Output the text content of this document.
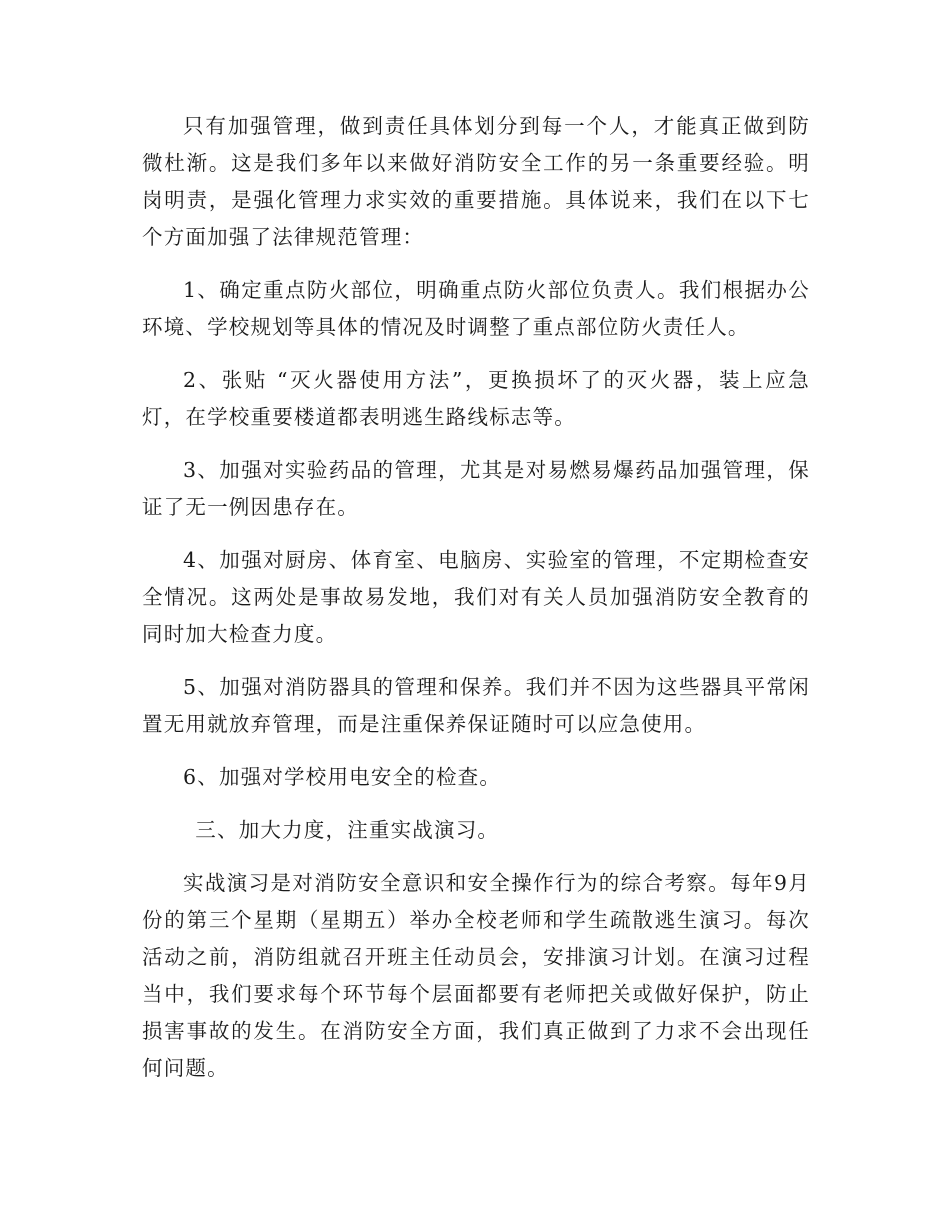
只有加强管理，做到责任具体划分到每一个人，才能真正做到防微杜渐。这是我们多年以来做好消防安全工作的另一条重要经验。明岗明责，是强化管理力求实效的重要措施。具体说来，我们在以下七个方面加强了法律规范管理：

1、确定重点防火部位，明确重点防火部位负责人。我们根据办公环境、学校规划等具体的情况及时调整了重点部位防火责任人。

2、张贴 “灭火器使用方法”，更换损坏了的灭火器，装上应急灯，在学校重要楼道都表明逃生路线标志等。

3、加强对实验药品的管理，尤其是对易燃易爆药品加强管理，保证了无一例因患存在。

4、加强对厨房、体育室、电脑房、实验室的管理，不定期检查安全情况。这两处是事故易发地，我们对有关人员加强消防安全教育的同时加大检查力度。

5、加强对消防器具的管理和保养。我们并不因为这些器具平常闲置无用就放弃管理，而是注重保养保证随时可以应急使用。

6、加强对学校用电安全的检查。

三、加大力度，注重实战演习。

实战演习是对消防安全意识和安全操作行为的综合考察。每年9月份的第三个星期（星期五）举办全校老师和学生疏散逃生演习。每次活动之前，消防组就召开班主任动员会，安排演习计划。在演习过程当中，我们要求每个环节每个层面都要有老师把关或做好保护，防止损害事故的发生。在消防安全方面，我们真正做到了力求不会出现任何问题。
